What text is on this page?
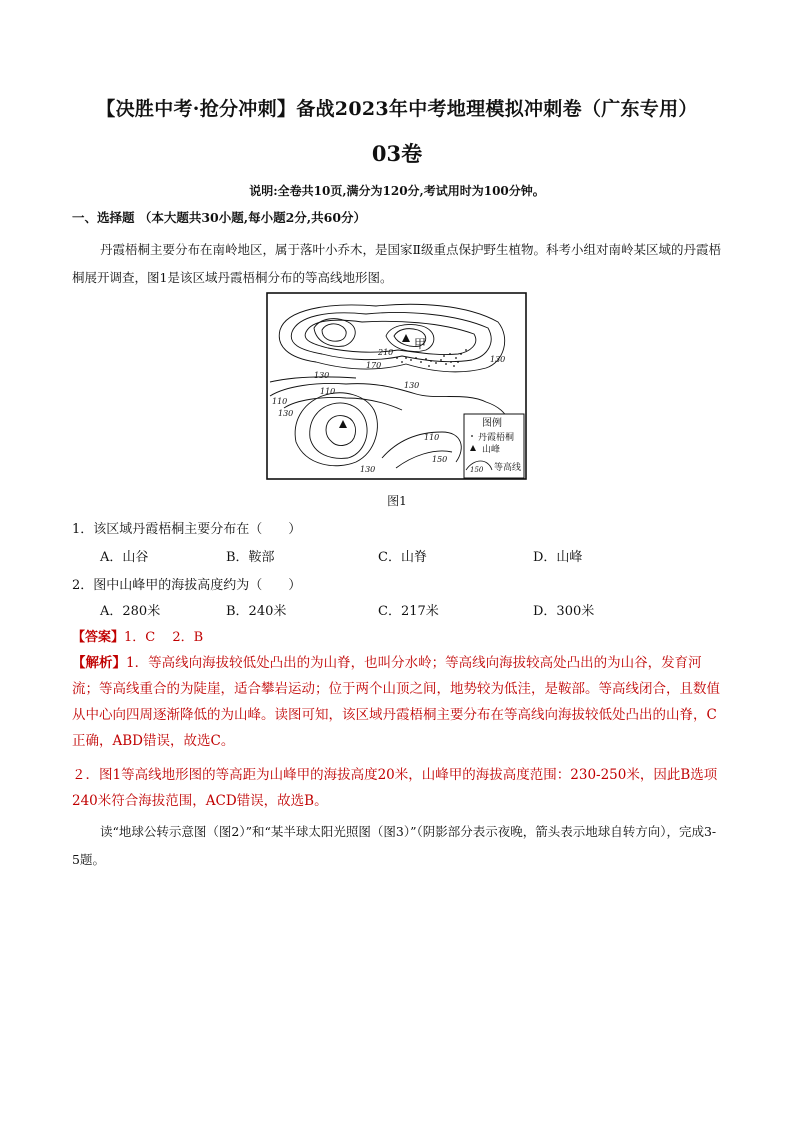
【决胜中考·抢分冲刺】备战2023年中考地理模拟冲刺卷（广东专用）
03卷
说明:全卷共10页,满分为120分,考试用时为100分钟。
一、选择题 （本大题共30小题,每小题2分,共60分）
丹霞梧桐主要分布在南岭地区，属于落叶小乔木，是国家Ⅱ级重点保护野生植物。科考小组对南岭某区域的丹霞梧桐展开调查，图1是该区域丹霞梧桐分布的等高线地形图。
甲
210
170
130
130
110
130
110
130
130
110
150
图例
丹霞梧桐
山峰
150 等高线
图1
1．该区域丹霞梧桐主要分布在（　　）
A．山谷	B．鞍部	C．山脊	D．山峰
2．图中山峰甲的海拔高度约为（　　）
A．280米	B．240米	C．217米	D．300米
【答案】1．C　 2．B
【解析】1．等高线向海拔较低处凸出的为山脊，也叫分水岭；等高线向海拔较高处凸出的为山谷，发育河流；等高线重合的为陡崖，适合攀岩运动；位于两个山顶之间，地势较为低洼，是鞍部。等高线闭合，且数值从中心向四周逐渐降低的为山峰。读图可知，该区域丹霞梧桐主要分布在等高线向海拔较低处凸出的山脊，C正确，ABD错误，故选C。
２．图1等高线地形图的等高距为山峰甲的海拔高度20米，山峰甲的海拔高度范围：230-250米，因此B选项240米符合海拔范围，ACD错误，故选B。
读“地球公转示意图（图2）”和“某半球太阳光照图（图3）”（阴影部分表示夜晚，箭头表示地球自转方向），完成3-5题。
